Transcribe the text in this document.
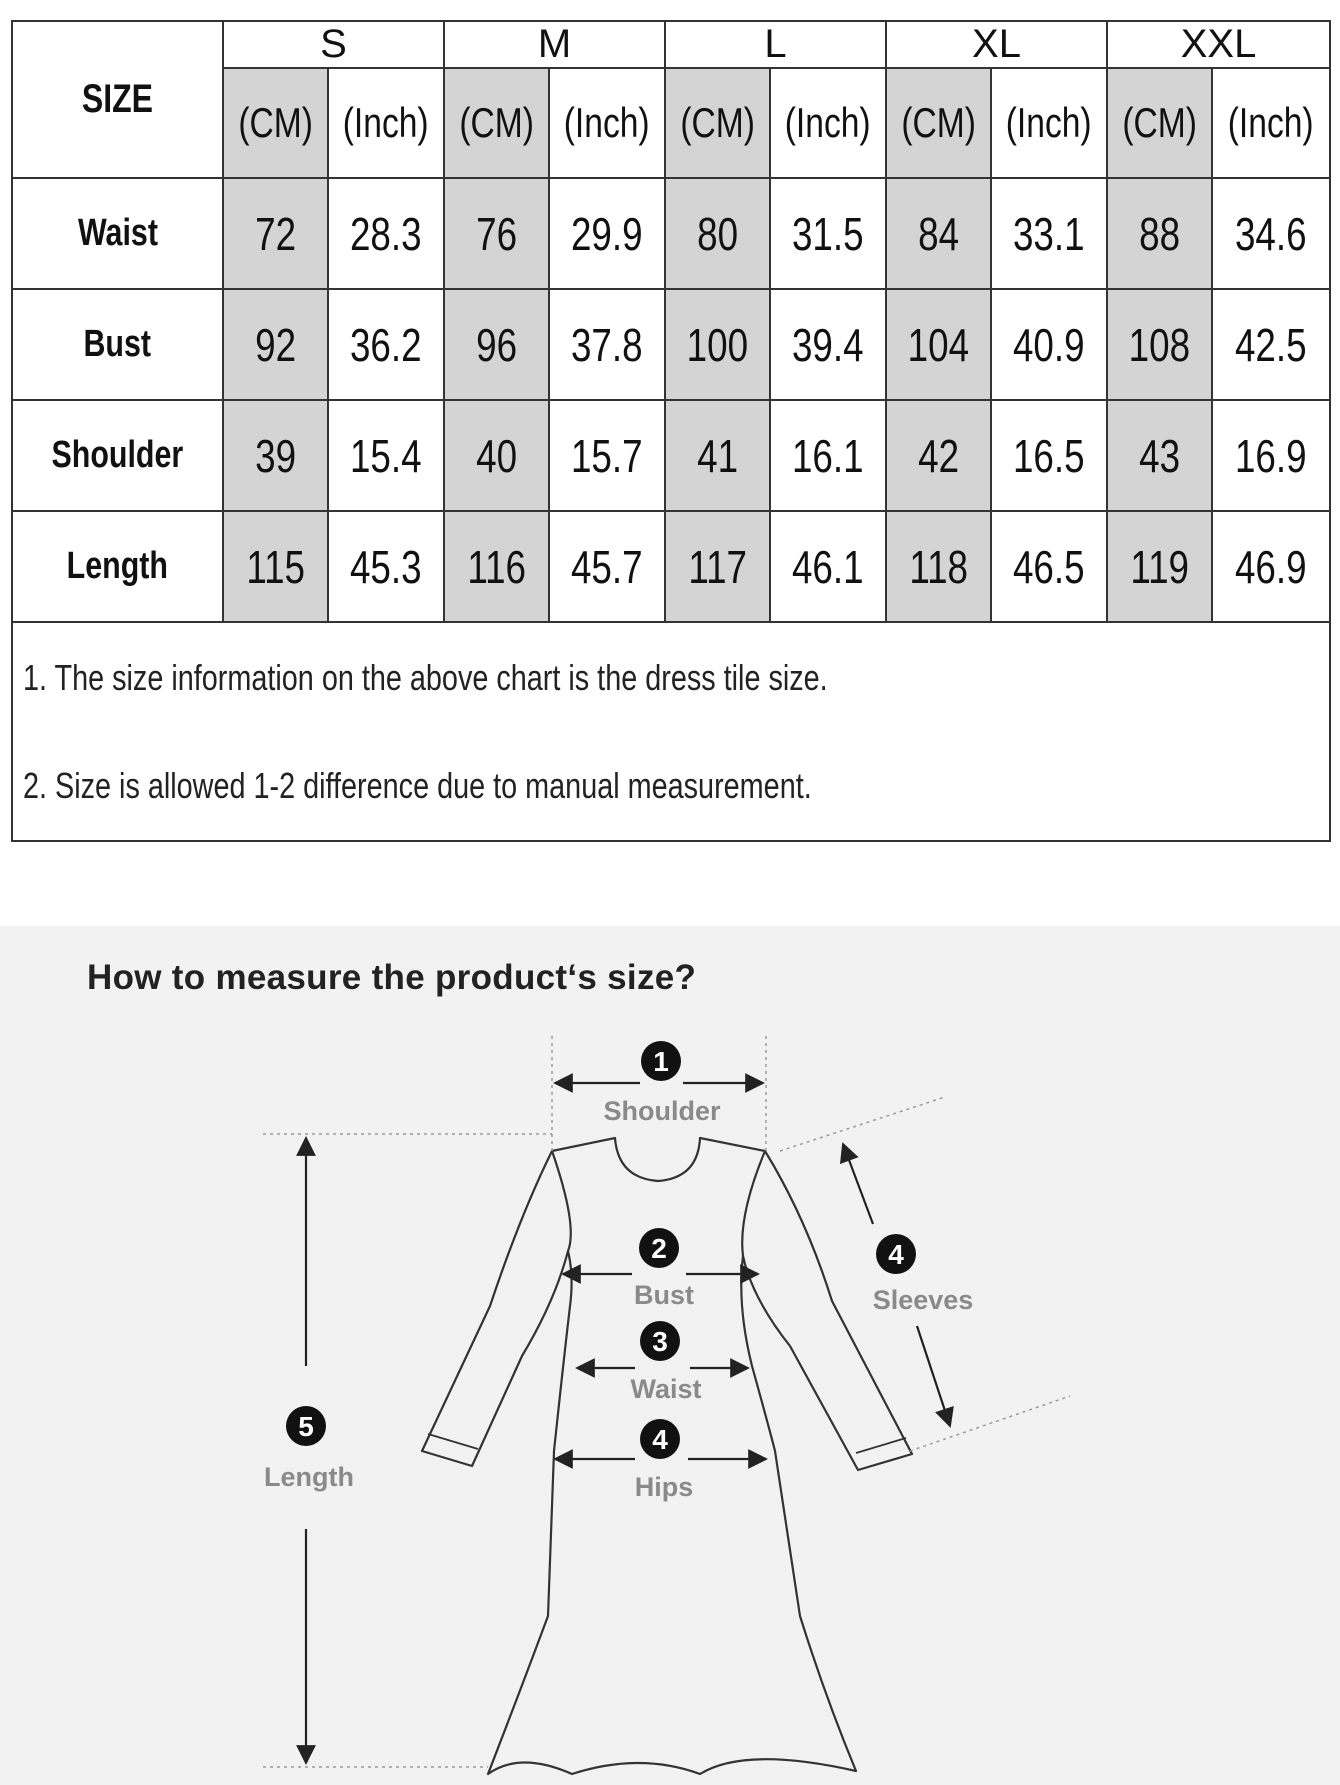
SIZE	S		M		L		XL		XXL	
	(CM)	(Inch)	(CM)	(Inch)	(CM)	(Inch)	(CM)	(Inch)	(CM)	(Inch)
Waist	72	28.3	76	29.9	80	31.5	84	33.1	88	34.6
Bust	92	36.2	96	37.8	100	39.4	104	40.9	108	42.5
Shoulder	39	15.4	40	15.7	41	16.1	42	16.5	43	16.9
Length	115	45.3	116	45.7	117	46.1	118	46.5	119	46.9

1. The size information on the above chart is the dress tile size.
2. Size is allowed 1-2 difference due to manual measurement.										
1
Shoulder
2
Bust
3
Waist
4
Hips
4
Sleeves
5
Length
How to measure the product‘s size?
